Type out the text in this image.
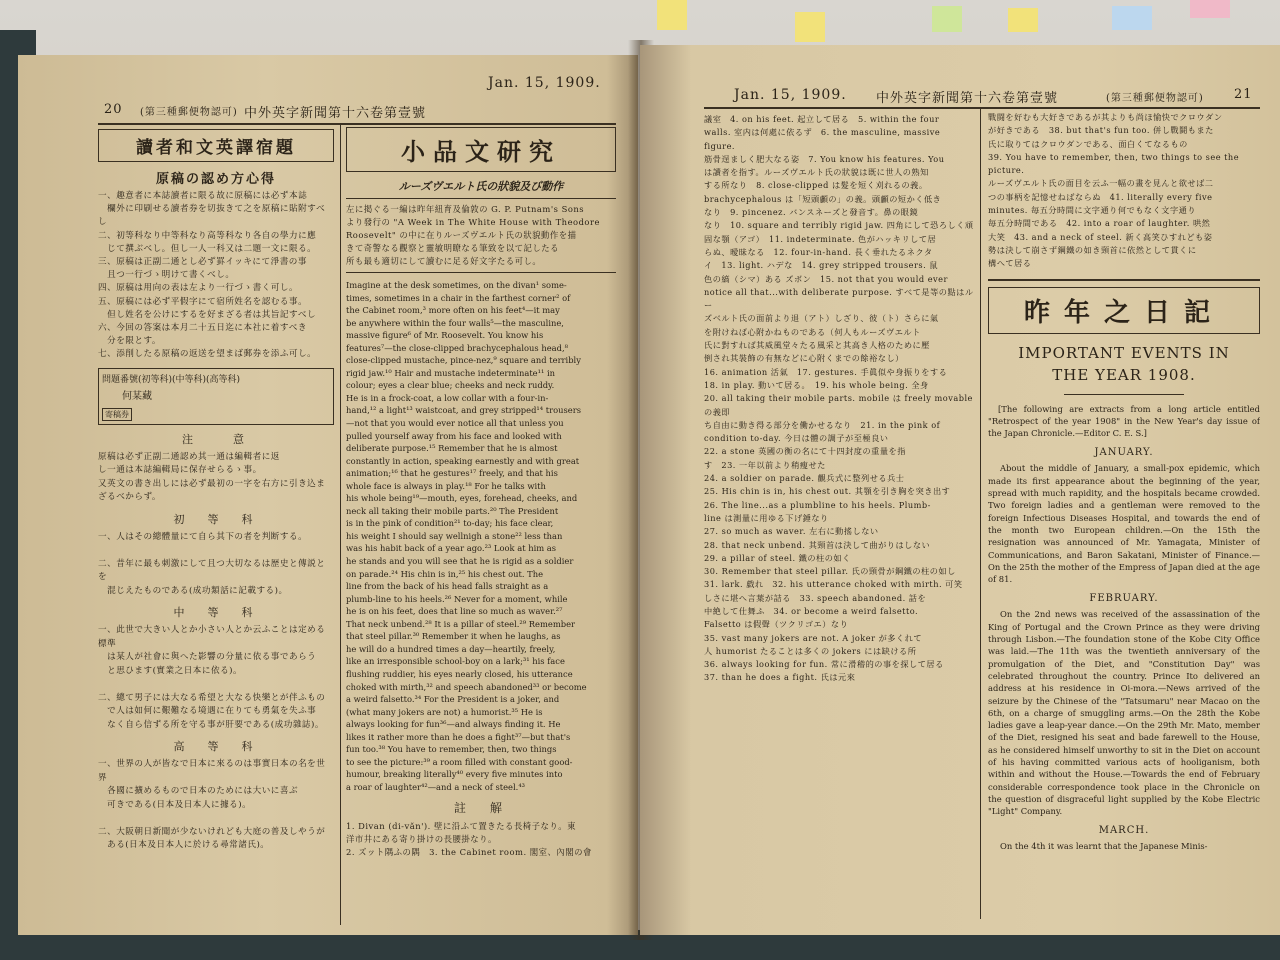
20 (第三種郵便物認可) 中外英字新聞第十六卷第壹號
Jan. 15, 1909.
讀者和文英譯宿題
原稿の認め方心得

一、趣意者に本誌讀者に限る故に原稿には必ず本誌
　欄外に印刷せる讀者券を切抜きて之を原稿に貼附すべし
二、初等科なり中等科なり高等科なり各自の學力に應
　じて撰ぶべし。但し一人一科又は二題一文に限る。
三、原稿は正副二通とし必ず罫イッキにて淨書の事
　且つ一行づゝ明けて書くべし。
四、原稿は用向の表は左より一行づゝ書く可し。
五、原稿には必ず平假字にて宿所姓名を認むる事。
　但し姓名を公けにするを好まざる者は其旨記すべし
六、今回の答案は本月二十五日迄に本社に着すべき
　分を限とす。
七、添削したる原稿の返送を望まば郵券を添ふ可し。

問題番號(初等科)(中等科)(高等科)
何某藏
寄稿券
注　　意

原稿は必ず正副二通認め其一通は編輯者に返
し一通は本誌編輯局に保存せらるゝ事。
又英文の書き出しには必ず最初の一字を右方に引き込ま
ざるべからず。

初　等　科

一、人はその總體量にて自ら其下の者を判断する。

二、昔年に最も刺激にして且つ大切なるは歴史と傳説とを
　混じえたものである(成功類話に記載する)。

中　等　科

一、此世で大きい人とか小さい人とか云ふことは定める標準
　は某人が社會に與へた影響の分量に依る事であらう
　と思ひます(實業之日本に依る)。

二、總て男子には大なる希望と大なる快樂とが伴ふもの
　で人は如何に艱難なる境遇に在りても勇氣を失ふ事
　なく自ら信ずる所を守る事が肝要である(成功雜誌)。

高　等　科

一、世界の人が皆なで日本に來るのは事實日本の名を世界
　各國に擴めるもので日本のためには大いに喜ぶ
　可きである(日本及日本人に據る)。

二、大阪朝日新聞が少ないけれども大庭の普及しやうが
　ある(日本及日本人に於ける尋常諸氏)。

小品文研究
ルーズヴエルト氏の狀貌及び動作

左に掲ぐる一編は昨年紐育及倫敦の G. P. Putnam's Sons
より發行の "A Week in The White House with Theodore
Roosevelt" の中に在りルーズヴエルト氏の狀貌動作を描
きて奇警なる觀察と靈敏明瞭なる筆致を以て記したる
所も最も適切にして讀むに足る好文字たる可し。

Imagine at the desk sometimes, on the divan¹ some-
times, sometimes in a chair in the farthest corner² of
the Cabinet room,³ more often on his feet⁴—it may
be anywhere within the four walls⁵—the masculine,
massive figure⁶ of Mr. Roosevelt. You know his
features⁷—the close-clipped brachycephalous head,⁸
close-clipped mustache, pince-nez,⁹ square and terribly
rigid jaw.¹⁰ Hair and mustache indeterminate¹¹ in
colour; eyes a clear blue; cheeks and neck ruddy.
He is in a frock-coat, a low collar with a four-in-
hand,¹² a light¹³ waistcoat, and grey stripped¹⁴ trousers
—not that you would ever notice all that unless you
pulled yourself away from his face and looked with
deliberate purpose.¹⁵ Remember that he is almost
constantly in action, speaking earnestly and with great
animation;¹⁶ that he gestures¹⁷ freely, and that his
whole face is always in play.¹⁸ For he talks with
his whole being¹⁹—mouth, eyes, forehead, cheeks, and
neck all taking their mobile parts.²⁰ The President
is in the pink of condition²¹ to-day; his face clear,
his weight I should say wellnigh a stone²² less than
was his habit back of a year ago.²³ Look at him as
he stands and you will see that he is rigid as a soldier
on parade.²⁴ His chin is in,²⁵ his chest out. The
line from the back of his head falls straight as a
plumb-line to his heels.²⁶ Never for a moment, while
he is on his feet, does that line so much as waver.²⁷
That neck unbend.²⁸ It is a pillar of steel.²⁹ Remember
that steel pillar.³⁰ Remember it when he laughs, as
he will do a hundred times a day—heartily, freely,
like an irresponsible school-boy on a lark;³¹ his face
flushing ruddier, his eyes nearly closed, his utterance
choked with mirth,³² and speech abandoned³³ or become
a weird falsetto.³⁴ For the President is a joker, and
(what many jokers are not) a humorist.³⁵ He is
always looking for fun³⁶—and always finding it. He
likes it rather more than he does a fight³⁷—but that's
fun too.³⁸ You have to remember, then, two things
to see the picture:³⁹ a room filled with constant good-
humour, breaking literally⁴⁰ every five minutes into
a roar of laughter⁴²—and a neck of steel.⁴³

註　解

1. Divan (di-văn'). 壁に沿ふて置きたる長椅子なり。東
洋市井にある寄り掛けの長腰掛なり。
2. ズット隅ふの隅　3. the Cabinet room. 閣室、內閣の會

Jan. 15, 1909. 中外英字新聞第十六卷第壹號	(第三種郵便物認可) 21

議室　4. on his feet. 起立して居る　5. within the four
walls. 室内は何處に依るず　6. the masculine, massive figure.
筋骨逞ましく肥大なる姿　7. You know his features. You
は讀者を指す。ルーズヴエルト氏の狀貌は既に世人の熟知
する所なり　8. close-clipped は髮を短く刈れるの義。
brachycephalous は「短頭顱の」の義。頭顱の短かく低き
なり　9. pincenez. バンスネーズと發音す。鼻の眼鏡
なり　10. square and terribly rigid jaw. 四角にして恐ろしく頑
固な顎（アゴ）　11. indeterminate. 色がハッキリして居
らぬ、曖昧なる　12. four-in-hand. 長く垂れたるネクタ
イ　13. light. ハデな　14. grey stripped trousers. 鼠
色の縞（シマ）ある ズボン　15. not that you would ever
notice all that...with deliberate purpose. すべて是等の點はルー
ズベルト氏の面前より退（アト）しざり、彼（ト）さらに氣
を附けねば心附かねものである（何人もルーズヴエルト
氏に對すれば其威風堂々たる風采と其高き人格のために壓
倒され其裝飾の有無などに心附くまでの餘裕なし）
16. animation 活氣　17. gestures. 手眞似や身振りをする
18. in play. 動いて居る。　19. his whole being. 全身
20. all taking their mobile parts. mobile は freely movable の義即
ち自由に動き得る部分を働かせるなり　21. in the pink of
condition to-day. 今日は體の調子が至極良い
22. a stone 英國の衡の名にて十四封度の重量を指
す　23. 一年以前より稍瘦せた
24. a soldier on parade. 觀兵式に整列せる兵士
25. His chin is in, his chest out. 其顎を引き胸を突き出す
26. The line...as a plumbline to his heels. Plumb-
line は測量に用ゆる下げ錘なり
27. so much as waver. 左右に動搖しない
28. that neck unbend. 其頸首は決して曲がりはしない
29. a pillar of steel. 鐵の柱の如く
30. Remember that steel pillar. 氏の頸骨が鋼鐵の柱の如し
31. lark. 戯れ　32. his utterance choked with mirth. 可笑
しさに堪へ言葉が詰る　33. speech abandoned. 話を
中絶して仕舞ふ　34. or become a weird falsetto.
Falsetto は假聲（ツクリゴエ）なり
35. vast many jokers are not. A joker が多くれて
人 humorist たることは多くの jokers には缺ける所
36. always looking for fun. 常に滑稽的の事を探して居る
37. than he does a fight. 氏は元來

戰闘を好むも大好きであるが其よりも尚ほ愉快でクロウダン
が好きである　38. but that's fun too. 併し戰鬪もまた
氏に取りてはクロウダンである、面白くてなるもの
39. You have to remember, then, two things to see the picture.
ルーズヴエルト氏の面目を云ふ一幅の畫を見んと欲せば二
つの事柄を記憶せねばならぬ　41. literally every five
minutes. 毎五分時間に文字通り何でもなく文字通り
毎五分時間である　42. into a roar of laughter. 哄然
大笑　43. and a neck of steel. 新く高笑ひすれども姿
勢は決して崩さず鋼鐵の如き頸首に依然として貫くに
構へて居る

昨年之日記
IMPORTANT EVENTS IN THE YEAR 1908.

[The following are extracts from a long article entitled "Retrospect of the year 1908" in the New Year's day issue of the Japan Chronicle.—Editor C. E. S.]

JANUARY.

About the middle of January, a small-pox epidemic, which made its first appearance about the beginning of the year, spread with much rapidity, and the hospitals became crowded. Two foreign ladies and a gentleman were removed to the foreign Infectious Diseases Hospital, and towards the end of the month two European children.—On the 15th the resignation was announced of Mr. Yamagata, Minister of Communications, and Baron Sakatani, Minister of Finance.—On the 25th the mother of the Empress of Japan died at the age of 81.

FEBRUARY.

On the 2nd news was received of the assassination of the King of Portugal and the Crown Prince as they were driving through Lisbon.—The foundation stone of the Kobe City Office was laid.—The 11th was the twentieth anniversary of the promulgation of the Diet, and "Constitution Day" was celebrated throughout the country. Prince Ito delivered an address at his residence in Oi-mora.—News arrived of the seizure by the Chinese of the "Tatsumaru" near Macao on the 6th, on a charge of smuggling arms.—On the 28th the Kobe ladies gave a leap-year dance.—On the 29th Mr. Mato, member of the Diet, resigned his seat and bade farewell to the House, as he considered himself unworthy to sit in the Diet on account of his having committed various acts of hooliganism, both within and without the House.—Towards the end of February considerable correspondence took place in the Chronicle on the question of disgraceful light supplied by the Kobe Electric "Light" Company.

MARCH.

On the 4th it was learnt that the Japanese Minis-
